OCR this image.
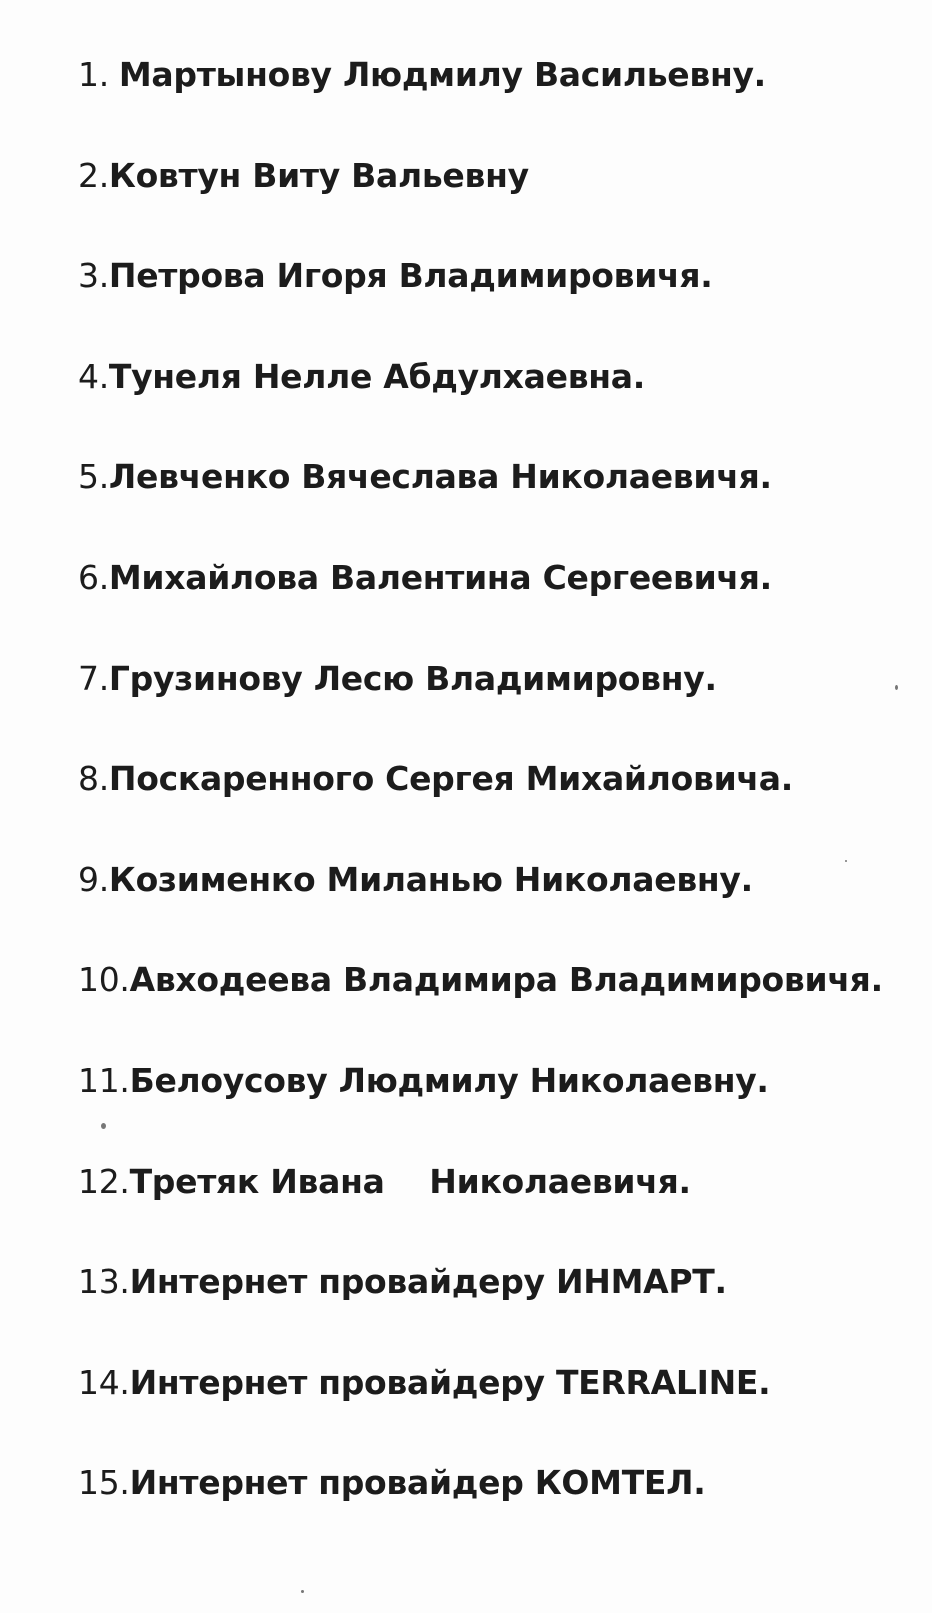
1. Мартынову Людмилу Васильевну.
2.Ковтун Виту Вальевну
3.Петрова Игоря Владимировичя.
4.Тунеля Нелле Абдулхаевна.
5.Левченко Вячеслава Николаевичя.
6.Михайлова Валентина Сергеевичя.
7.Грузинову Лесю Владимировну.
8.Поскаренного Сергея Михайловича.
9.Козименко Миланью Николаевну.
10.Авходеева Владимира Владимировичя.
11.Белоусову Людмилу Николаевну.
12.Третяк Ивана    Николаевичя.
13.Интернет провайдеру ИНМАРТ.
14.Интернет провайдеру TERRALINE.
15.Интернет провайдер КОМТЕЛ.
